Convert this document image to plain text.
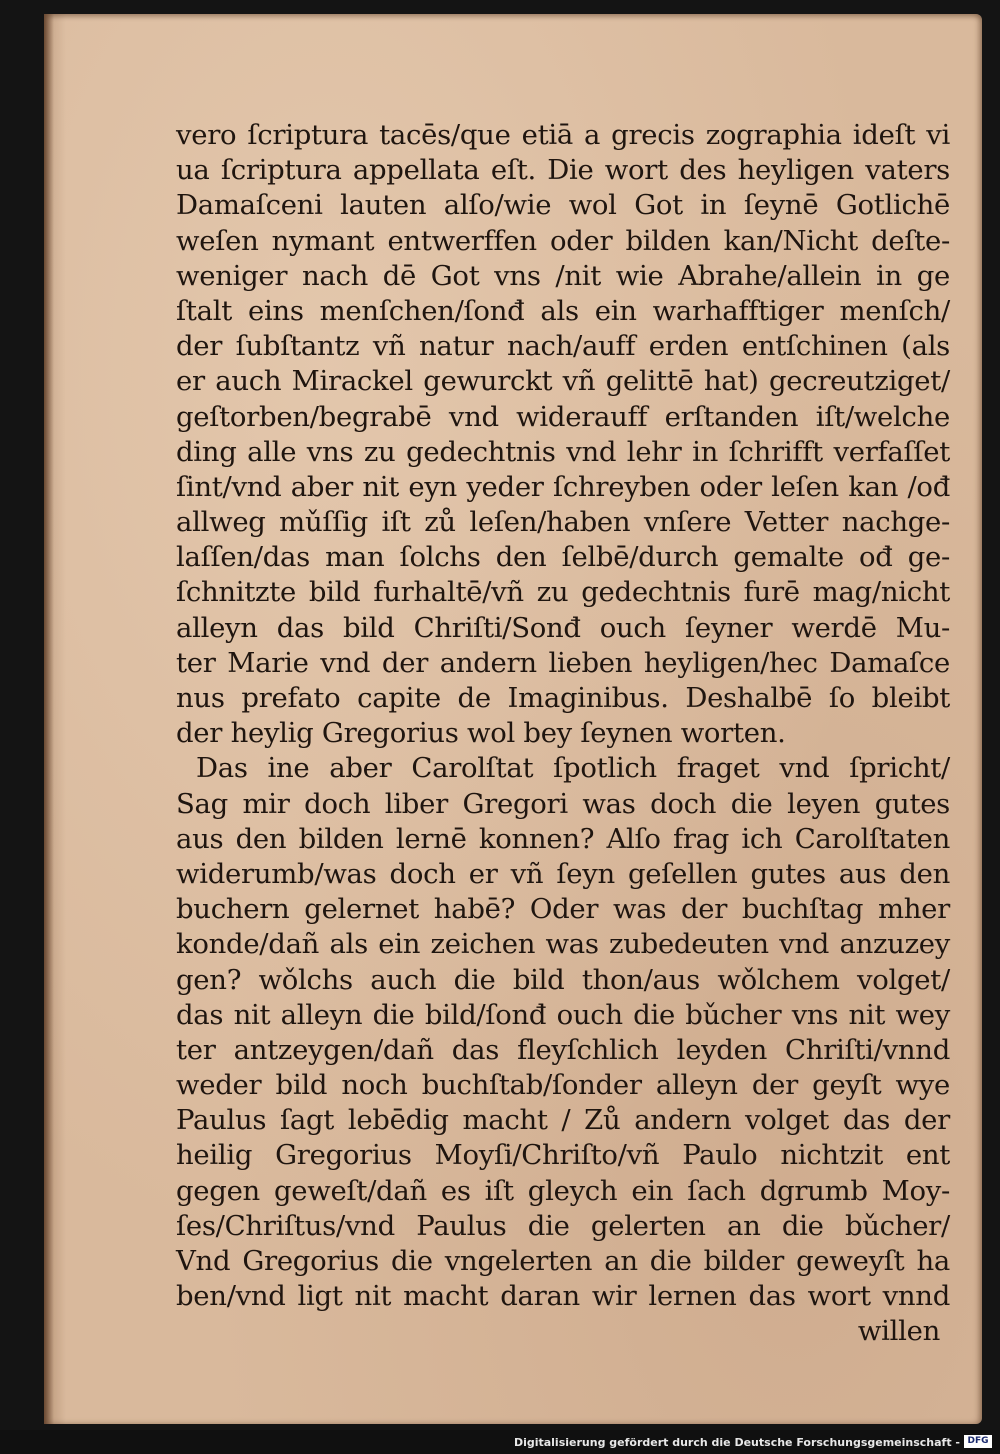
vero ſcriptura tacēs/que etiā a grecis zographia ideſt vi
ua ſcriptura appellata eſt. Die wort des heyligen vaters
Damaſceni lauten alſo/wie wol Got in ſeynē Gotlichē
weſen nymant entwerffen oder bilden kan/Nicht deſte-
weniger nach dē Got vns /nit wie Abrahe/allein in ge
ſtalt eins menſchen/ſonđ als ein warhafftiger menſch/
der ſubſtantz vñ natur nach/auff erden entſchinen (als
er auch Mirackel gewurckt vñ gelittē hat) gecreutziget/
geſtorben/begrabē vnd widerauff erſtanden iſt/welche
ding alle vns zu gedechtnis vnd lehr in ſchrifft verfaſſet
ſint/vnd aber nit eyn yeder ſchreyben oder leſen kan /ođ
allweg mǔſſig iſt zů leſen/haben vnſere Vetter nachge-
laſſen/das man ſolchs den ſelbē/durch gemalte ođ ge-
ſchnitzte bild furhaltē/vñ zu gedechtnis furē mag/nicht
alleyn das bild Chriſti/Sonđ ouch ſeyner werdē Mu-
ter Marie vnd der andern lieben heyligen/hec Damaſce
nus prefato capite de Imaginibus. Deshalbē ſo bleibt
der heylig Gregorius wol bey ſeynen worten.
Das ine aber Carolſtat ſpotlich fraget vnd ſpricht/
Sag mir doch liber Gregori was doch die leyen gutes
aus den bilden lernē konnen? Alſo frag ich Carolſtaten
widerumb/was doch er vñ ſeyn geſellen gutes aus den
buchern gelernet habē? Oder was der buchſtag mher
konde/dañ als ein zeichen was zubedeuten vnd anzuzey
gen? wǒlchs auch die bild thon/aus wǒlchem volget/
das nit alleyn die bild/ſonđ ouch die bǔcher vns nit wey
ter antzeygen/dañ das fleyſchlich leyden Chriſti/vnnd
weder bild noch buchſtab/ſonder alleyn der geyſt wye
Paulus ſagt lebēdig macht / Zů andern volget das der
heilig Gregorius Moyſi/Chriſto/vñ Paulo nichtzit ent
gegen geweſt/dañ es iſt gleych ein ſach dgrumb Moy-
ſes/Chriſtus/vnd Paulus die gelerten an die bǔcher/
Vnd Gregorius die vngelerten an die bilder geweyſt ha
ben/vnd ligt nit macht daran wir lernen das wort vnnd
willen
Digitalisierung gefördert durch die Deutsche Forschungsgemeinschaft - DFG
